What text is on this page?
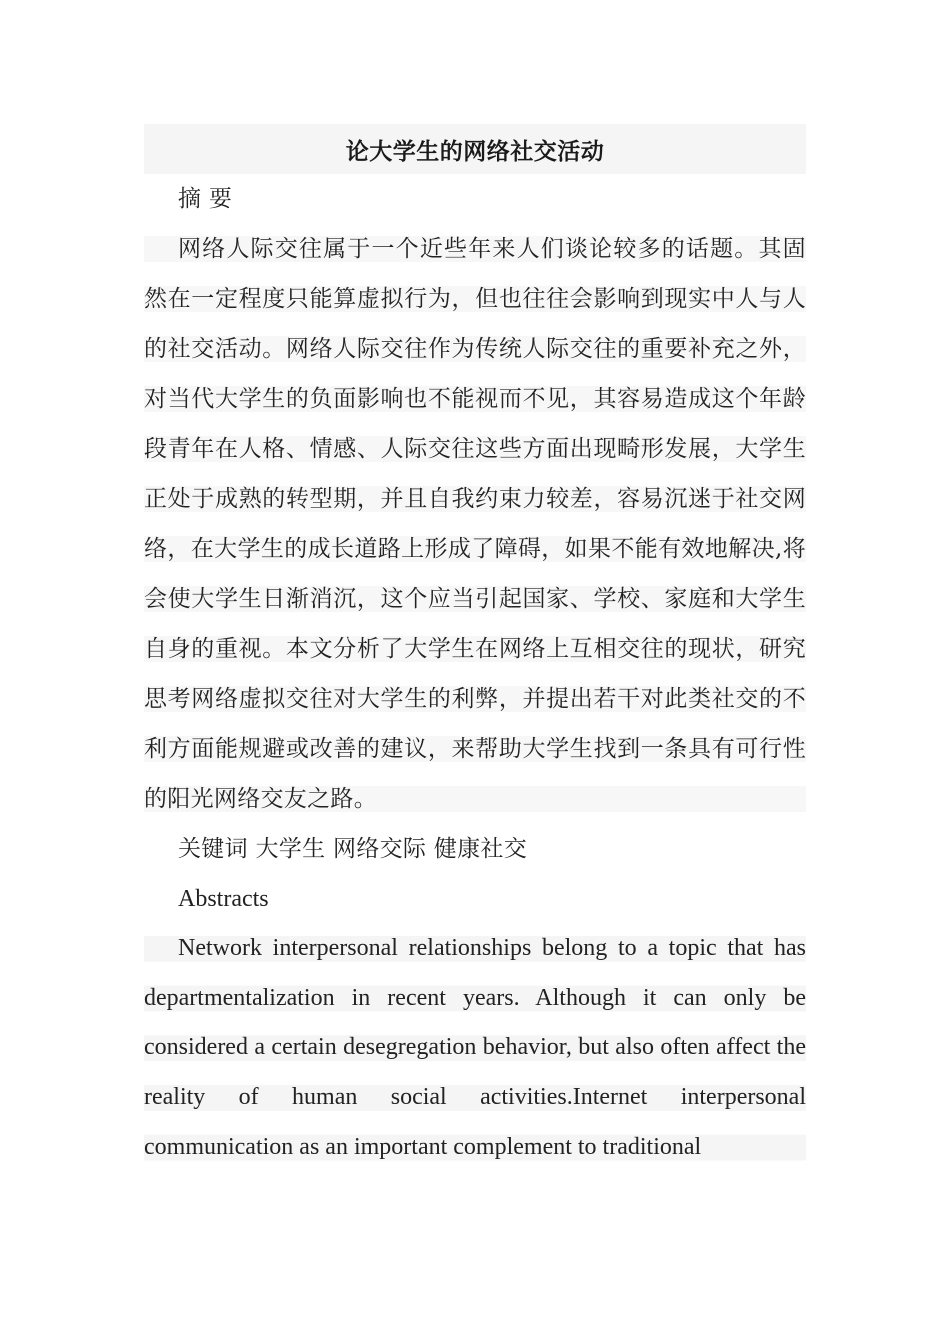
论大学生的网络社交活动

摘 要

网络人际交往属于一个近些年来人们谈论较多的话题。其固然在一定程度只能算虚拟行为，但也往往会影响到现实中人与人的社交活动。网络人际交往作为传统人际交往的重要补充之外，对当代大学生的负面影响也不能视而不见，其容易造成这个年龄段青年在人格、情感、人际交往这些方面出现畸形发展，大学生正处于成熟的转型期，并且自我约束力较差，容易沉迷于社交网络，在大学生的成长道路上形成了障碍，如果不能有效地解决,将会使大学生日渐消沉，这个应当引起国家、学校、家庭和大学生自身的重视。本文分析了大学生在网络上互相交往的现状，研究思考网络虚拟交往对大学生的利弊，并提出若干对此类社交的不利方面能规避或改善的建议，来帮助大学生找到一条具有可行性的阳光网络交友之路。

关键词 大学生 网络交际 健康社交

Abstracts

Network interpersonal relationships belong to a topic that has departmentalization in recent years. Although it can only be considered a certain desegregation behavior, but also often affect the reality of human social activities.Internet interpersonal communication as an important complement to traditional
